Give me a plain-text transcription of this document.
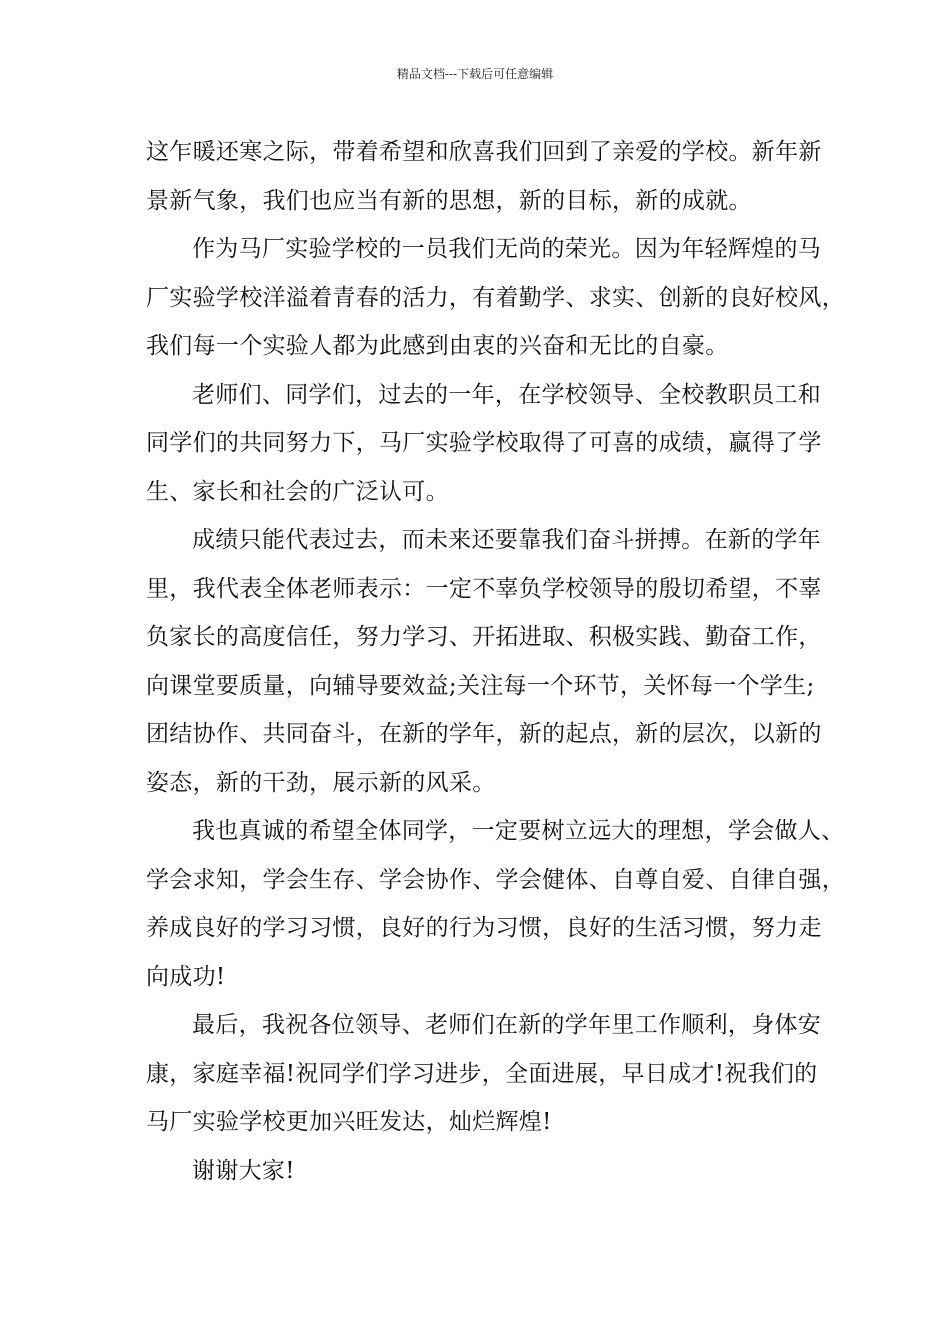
精品文档---下载后可任意编辑

这乍暖还寒之际，带着希望和欣喜我们回到了亲爱的学校。新年新
景新气象，我们也应当有新的思想，新的目标，新的成就。

作为马厂实验学校的一员我们无尚的荣光。因为年轻辉煌的马
厂实验学校洋溢着青春的活力，有着勤学、求实、创新的良好校风，
我们每一个实验人都为此感到由衷的兴奋和无比的自豪。

老师们、同学们，过去的一年，在学校领导、全校教职员工和
同学们的共同努力下，马厂实验学校取得了可喜的成绩，赢得了学
生、家长和社会的广泛认可。

成绩只能代表过去，而未来还要靠我们奋斗拼搏。在新的学年
里，我代表全体老师表示：一定不辜负学校领导的殷切希望，不辜
负家长的高度信任，努力学习、开拓进取、积极实践、勤奋工作，
向课堂要质量，向辅导要效益;关注每一个环节，关怀每一个学生;
团结协作、共同奋斗，在新的学年，新的起点，新的层次，以新的
姿态，新的干劲，展示新的风采。

我也真诚的希望全体同学，一定要树立远大的理想，学会做人、
学会求知，学会生存、学会协作、学会健体、自尊自爱、自律自强，
养成良好的学习习惯，良好的行为习惯，良好的生活习惯，努力走
向成功!

最后，我祝各位领导、老师们在新的学年里工作顺利，身体安
康，家庭幸福!祝同学们学习进步，全面进展，早日成才!祝我们的
马厂实验学校更加兴旺发达，灿烂辉煌!

谢谢大家!
